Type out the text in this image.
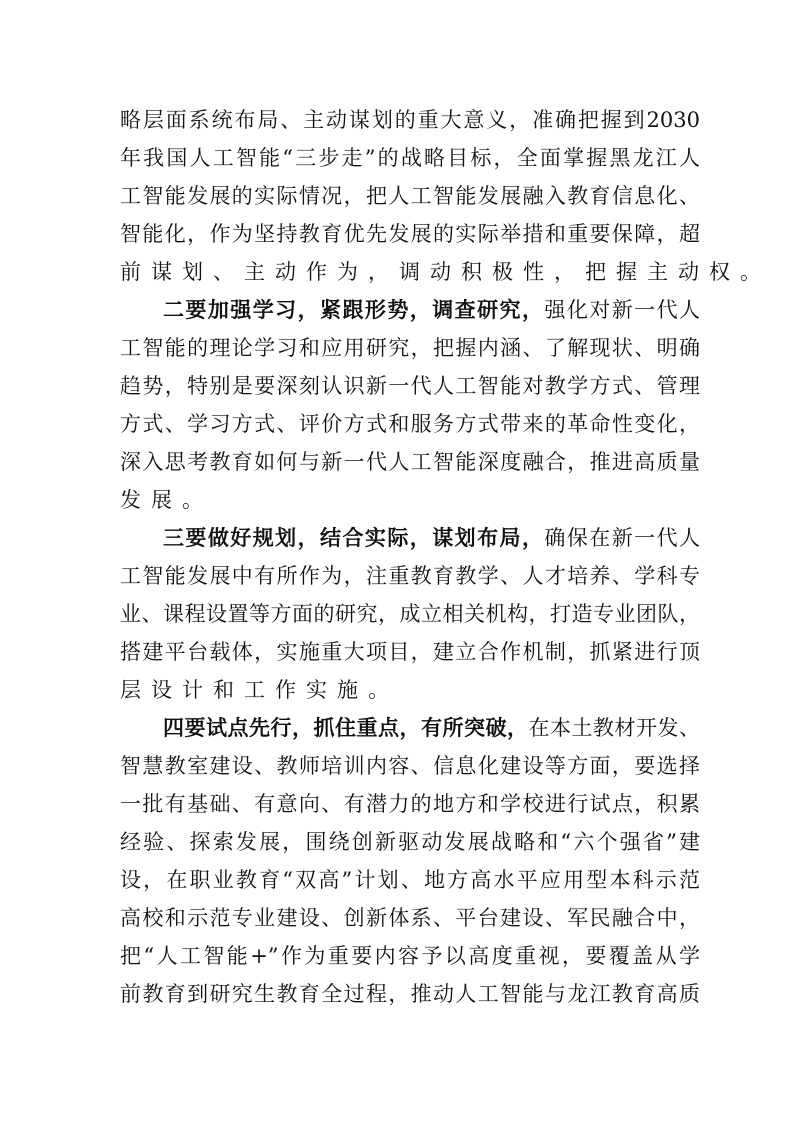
略层面系统布局、主动谋划的重大意义，准确把握到2030
年我国人工智能“三步走”的战略目标，全面掌握黑龙江人
工智能发展的实际情况，把人工智能发展融入教育信息化、
智能化，作为坚持教育优先发展的实际举措和重要保障，超
前谋划、主动作为，调动积极性，把握主动权。
二要加强学习，紧跟形势，调查研究，强化对新一代人
工智能的理论学习和应用研究，把握内涵、了解现状、明确
趋势，特别是要深刻认识新一代人工智能对教学方式、管理
方式、学习方式、评价方式和服务方式带来的革命性变化，
深入思考教育如何与新一代人工智能深度融合，推进高质量
发展。
三要做好规划，结合实际，谋划布局，确保在新一代人
工智能发展中有所作为，注重教育教学、人才培养、学科专
业、课程设置等方面的研究，成立相关机构，打造专业团队，
搭建平台载体，实施重大项目，建立合作机制，抓紧进行顶
层设计和工作实施。
四要试点先行，抓住重点，有所突破，在本土教材开发、
智慧教室建设、教师培训内容、信息化建设等方面，要选择
一批有基础、有意向、有潜力的地方和学校进行试点，积累
经验、探索发展，围绕创新驱动发展战略和“六个强省”建
设，在职业教育“双高”计划、地方高水平应用型本科示范
高校和示范专业建设、创新体系、平台建设、军民融合中，
把“人工智能+”作为重要内容予以高度重视，要覆盖从学
前教育到研究生教育全过程，推动人工智能与龙江教育高质
